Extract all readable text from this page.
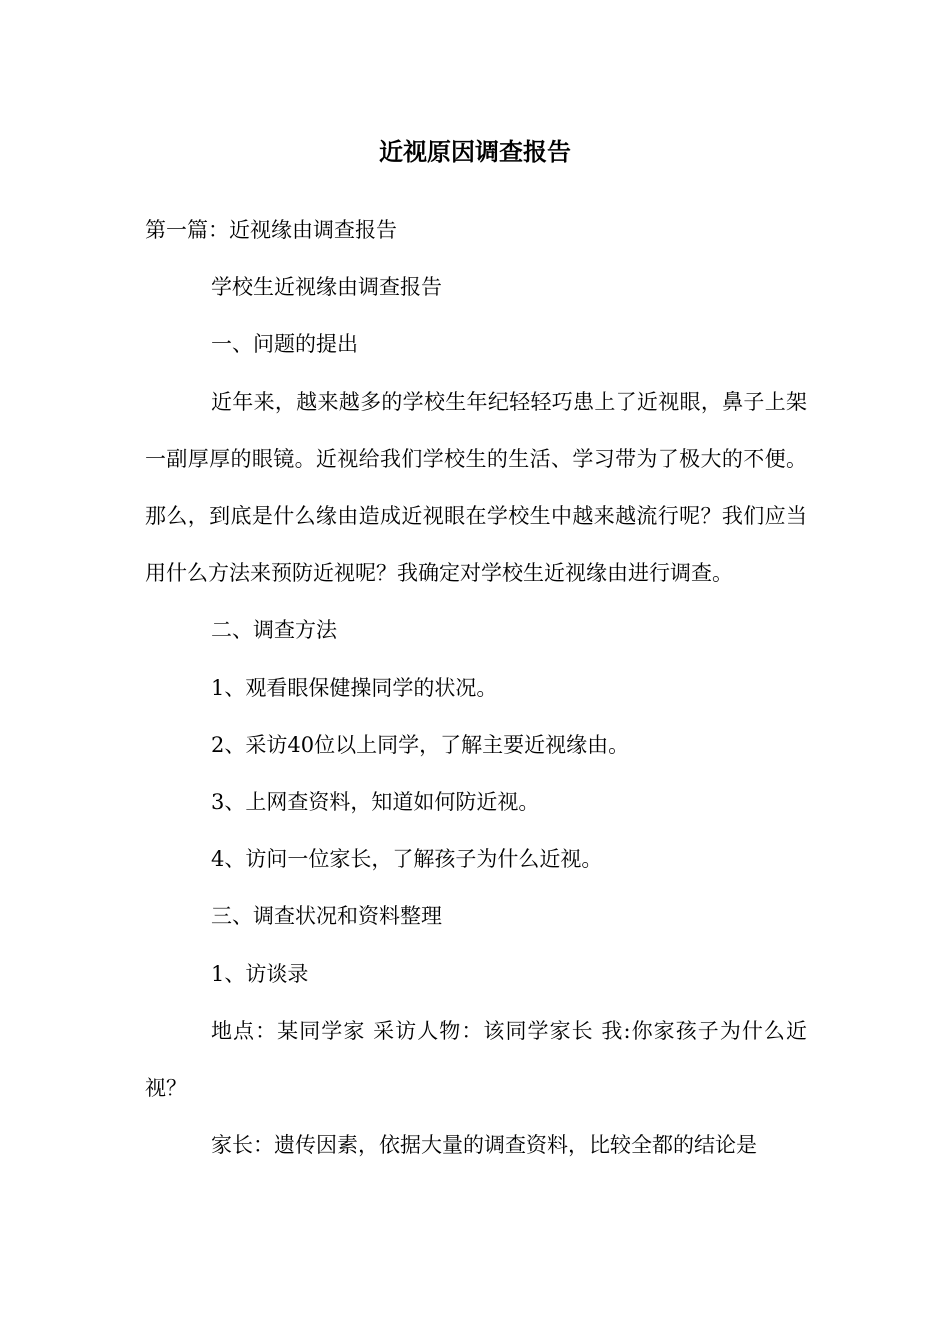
近视原因调查报告

第一篇：近视缘由调查报告

学校生近视缘由调查报告

一、问题的提出

近年来，越来越多的学校生年纪轻轻巧患上了近视眼，鼻子上架一副厚厚的眼镜。近视给我们学校生的生活、学习带为了极大的不便。那么，到底是什么缘由造成近视眼在学校生中越来越流行呢？我们应当用什么方法来预防近视呢？我确定对学校生近视缘由进行调查。

二、调查方法

1、观看眼保健操同学的状况。

2、采访40位以上同学，了解主要近视缘由。

3、上网查资料，知道如何防近视。

4、访问一位家长，了解孩子为什么近视。

三、调查状况和资料整理

1、访谈录

地点：某同学家 采访人物：该同学家长 我:你家孩子为什么近视？

家长：遗传因素，依据大量的调查资料，比较全都的结论是
